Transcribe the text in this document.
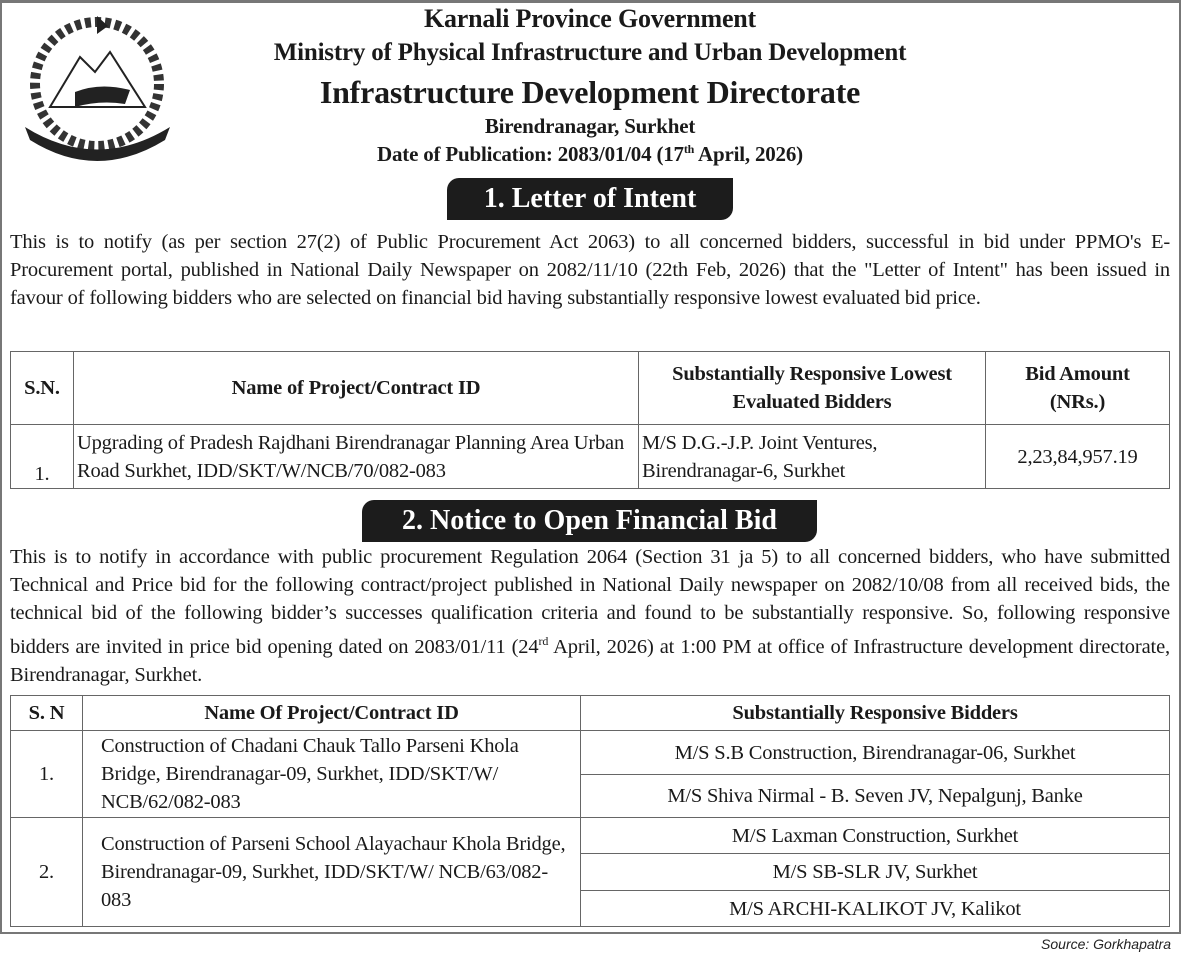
Karnali Province Government
Ministry of Physical Infrastructure and Urban Development
Infrastructure Development Directorate
Birendranagar, Surkhet
Date of Publication: 2083/01/04 (17th April, 2026)
1. Letter of Intent
This is to notify (as per section 27(2) of Public Procurement Act 2063) to all concerned bidders, successful in bid under PPMO's E-Procurement portal, published in National Daily Newspaper on 2082/11/10 (22th Feb, 2026) that the "Letter of Intent" has been issued in favour of following bidders who are selected on financial bid having substantially responsive lowest evaluated bid price.
S.N.	Name of Project/Contract ID	Substantially Responsive Lowest Evaluated Bidders	Bid Amount (NRs.)
1.	Upgrading of Pradesh Rajdhani Birendranagar Planning Area Urban Road Surkhet, IDD/SKT/W/NCB/70/082-083	M/S D.G.-J.P. Joint Ventures, Birendranagar-6, Surkhet	2,23,84,957.19
2. Notice to Open Financial Bid
This is to notify in accordance with public procurement Regulation 2064 (Section 31 ja 5) to all concerned bidders, who have submitted Technical and Price bid for the following contract/project published in National Daily newspaper on 2082/10/08 from all received bids, the technical bid of the following bidder’s successes qualification criteria and found to be substantially responsive. So, following responsive bidders are invited in price bid opening dated on 2083/01/11 (24rd April, 2026) at 1:00 PM at office of Infrastructure development directorate, Birendranagar, Surkhet.
S. N	Name Of Project/Contract ID	Substantially Responsive Bidders
1.	Construction of Chadani Chauk Tallo Parseni Khola Bridge, Birendranagar-09, Surkhet, IDD/SKT/W/ NCB/62/082-083	M/S S.B Construction, Birendranagar-06, Surkhet
		M/S Shiva Nirmal - B. Seven JV, Nepalgunj, Banke
2.	Construction of Parseni School Alayachaur Khola Bridge, Birendranagar-09, Surkhet, IDD/SKT/W/ NCB/63/082-083	M/S Laxman Construction, Surkhet
		M/S SB-SLR JV, Surkhet
		M/S ARCHI-KALIKOT JV, Kalikot
Source: Gorkhapatra
